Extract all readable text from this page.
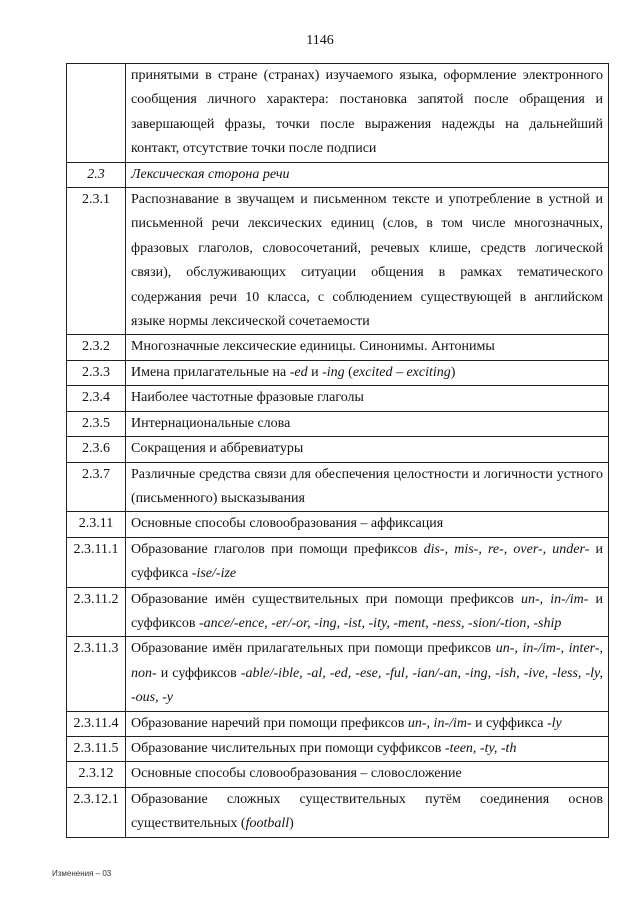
1146
	принятыми в стране (странах) изучаемого языка, оформление электронного сообщения личного характера: постановка запятой после обращения и завершающей фразы, точки после выражения надежды на дальнейший контакт, отсутствие точки после подписи
2.3	Лексическая сторона речи
2.3.1	Распознавание в звучащем и письменном тексте и употребление в устной и письменной речи лексических единиц (слов, в том числе многозначных, фразовых глаголов, словосочетаний, речевых клише, средств логической связи), обслуживающих ситуации общения в рамках тематического содержания речи 10 класса, с соблюдением существующей в английском языке нормы лексической сочетаемости
2.3.2	Многозначные лексические единицы. Синонимы. Антонимы
2.3.3	Имена прилагательные на -ed и -ing (excited – exciting)
2.3.4	Наиболее частотные фразовые глаголы
2.3.5	Интернациональные слова
2.3.6	Сокращения и аббревиатуры
2.3.7	Различные средства связи для обеспечения целостности и логичности устного (письменного) высказывания
2.3.11	Основные способы словообразования – аффиксация
2.3.11.1	Образование глаголов при помощи префиксов dis-, mis-, re-, over-, under- и суффикса -ise/-ize
2.3.11.2	Образование имён существительных при помощи префиксов un-, in-/im- и суффиксов -ance/-ence, -er/-or, -ing, -ist, -ity, -ment, -ness, -sion/-tion, -ship
2.3.11.3	Образование имён прилагательных при помощи префиксов un-, in-/im-, inter-, non- и суффиксов -able/-ible, -al, -ed, -ese, -ful, -ian/-an, -ing, -ish, -ive, -less, -ly, -ous, -y
2.3.11.4	Образование наречий при помощи префиксов un-, in-/im- и суффикса -ly
2.3.11.5	Образование числительных при помощи суффиксов -teen, -ty, -th
2.3.12	Основные способы словообразования – словосложение
2.3.12.1	Образование сложных существительных путём соединения основ существительных (football)
Изменения – 03
